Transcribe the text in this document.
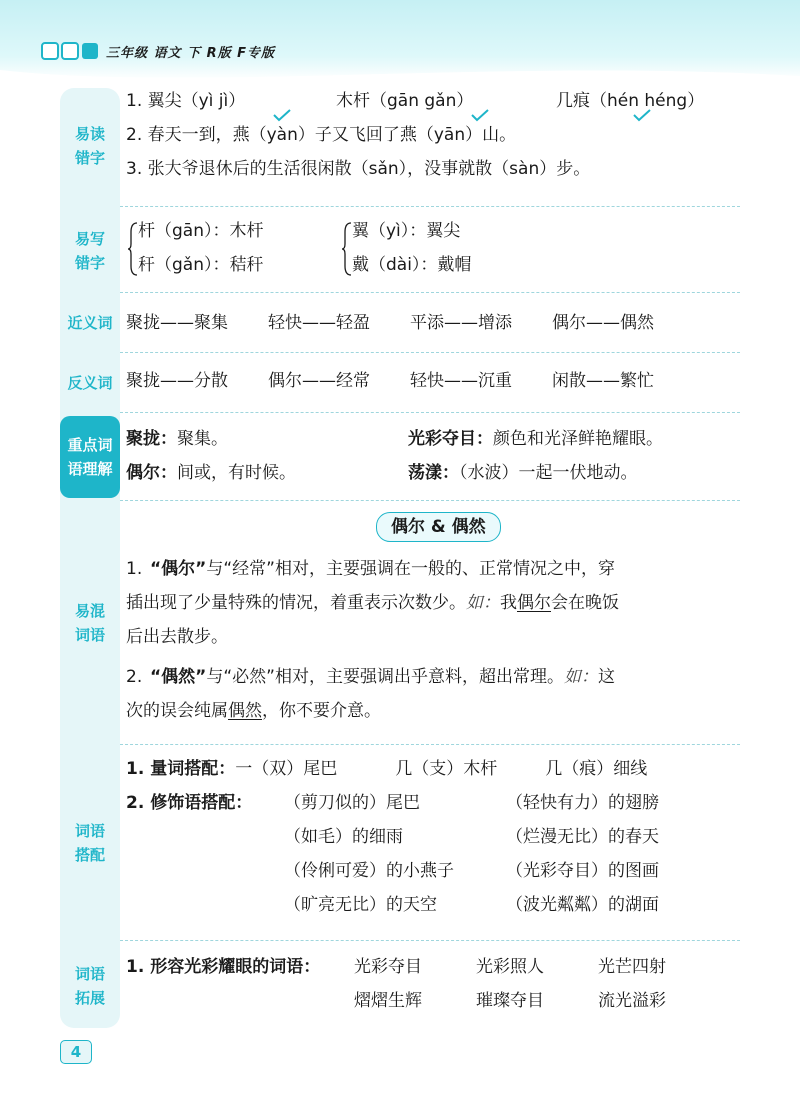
三年级 语文 下 R版 F专版
易读
错字
1. 翼尖（yì jì）	木杆（gān gǎn）	几痕（hén héng）
2. 春天一到，燕（yàn）子又飞回了燕（yān）山。
3. 张大爷退休后的生活很闲散（sǎn），没事就散（sàn）步。
易写
错字
杆（gān）：木杆	翼（yì）：翼尖
秆（gǎn）：秸秆	戴（dài）：戴帽
近义词 聚拢——聚集	轻快——轻盈	平添——增添	偶尔——偶然
反义词 聚拢——分散	偶尔——经常	轻快——沉重	闲散——繁忙
重点词
语理解
聚拢：聚集。	光彩夺目：颜色和光泽鲜艳耀眼。
偶尔：间或，有时候。	荡漾：（水波）一起一伏地动。
易混
词语
偶尔 & 偶然
1. “偶尔” 与“经常”相对，主要强调在一般的、正常情况之中，穿
插出现了少量特殊的情况，着重表示次数少。 如： 我 偶尔 会在晚饭
后出去散步。
2. “偶然” 与“必然”相对，主要强调出乎意料，超出常理。 如： 这
次的误会纯属 偶然 ，你不要介意。
词语
搭配
1. 量词搭配： 一（双）尾巴	几（支）木杆	几（痕）细线
2. 修饰语搭配：	（剪刀似的）尾巴	（轻快有力）的翅膀
（如毛）的细雨	（烂漫无比）的春天
（伶俐可爱）的小燕子	（光彩夺目）的图画
（旷亮无比）的天空	（波光粼粼）的湖面
词语
拓展
1. 形容光彩耀眼的词语：	光彩夺目	光彩照人	光芒四射
熠熠生辉	璀璨夺目	流光溢彩
4
